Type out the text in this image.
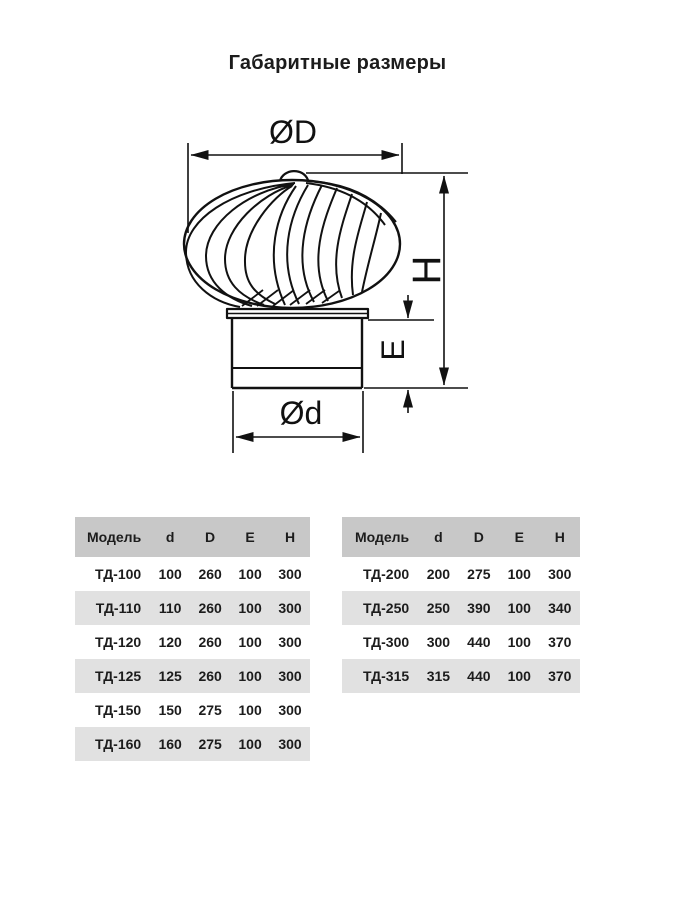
Габаритные размеры
ØD
H
E
Ød
Модель	d	D	E	H
ТД-100	100	260	100	300
ТД-110	110	260	100	300
ТД-120	120	260	100	300
ТД-125	125	260	100	300
ТД-150	150	275	100	300
ТД-160	160	275	100	300
Модель	d	D	E	H
ТД-200	200	275	100	300
ТД-250	250	390	100	340
ТД-300	300	440	100	370
ТД-315	315	440	100	370
